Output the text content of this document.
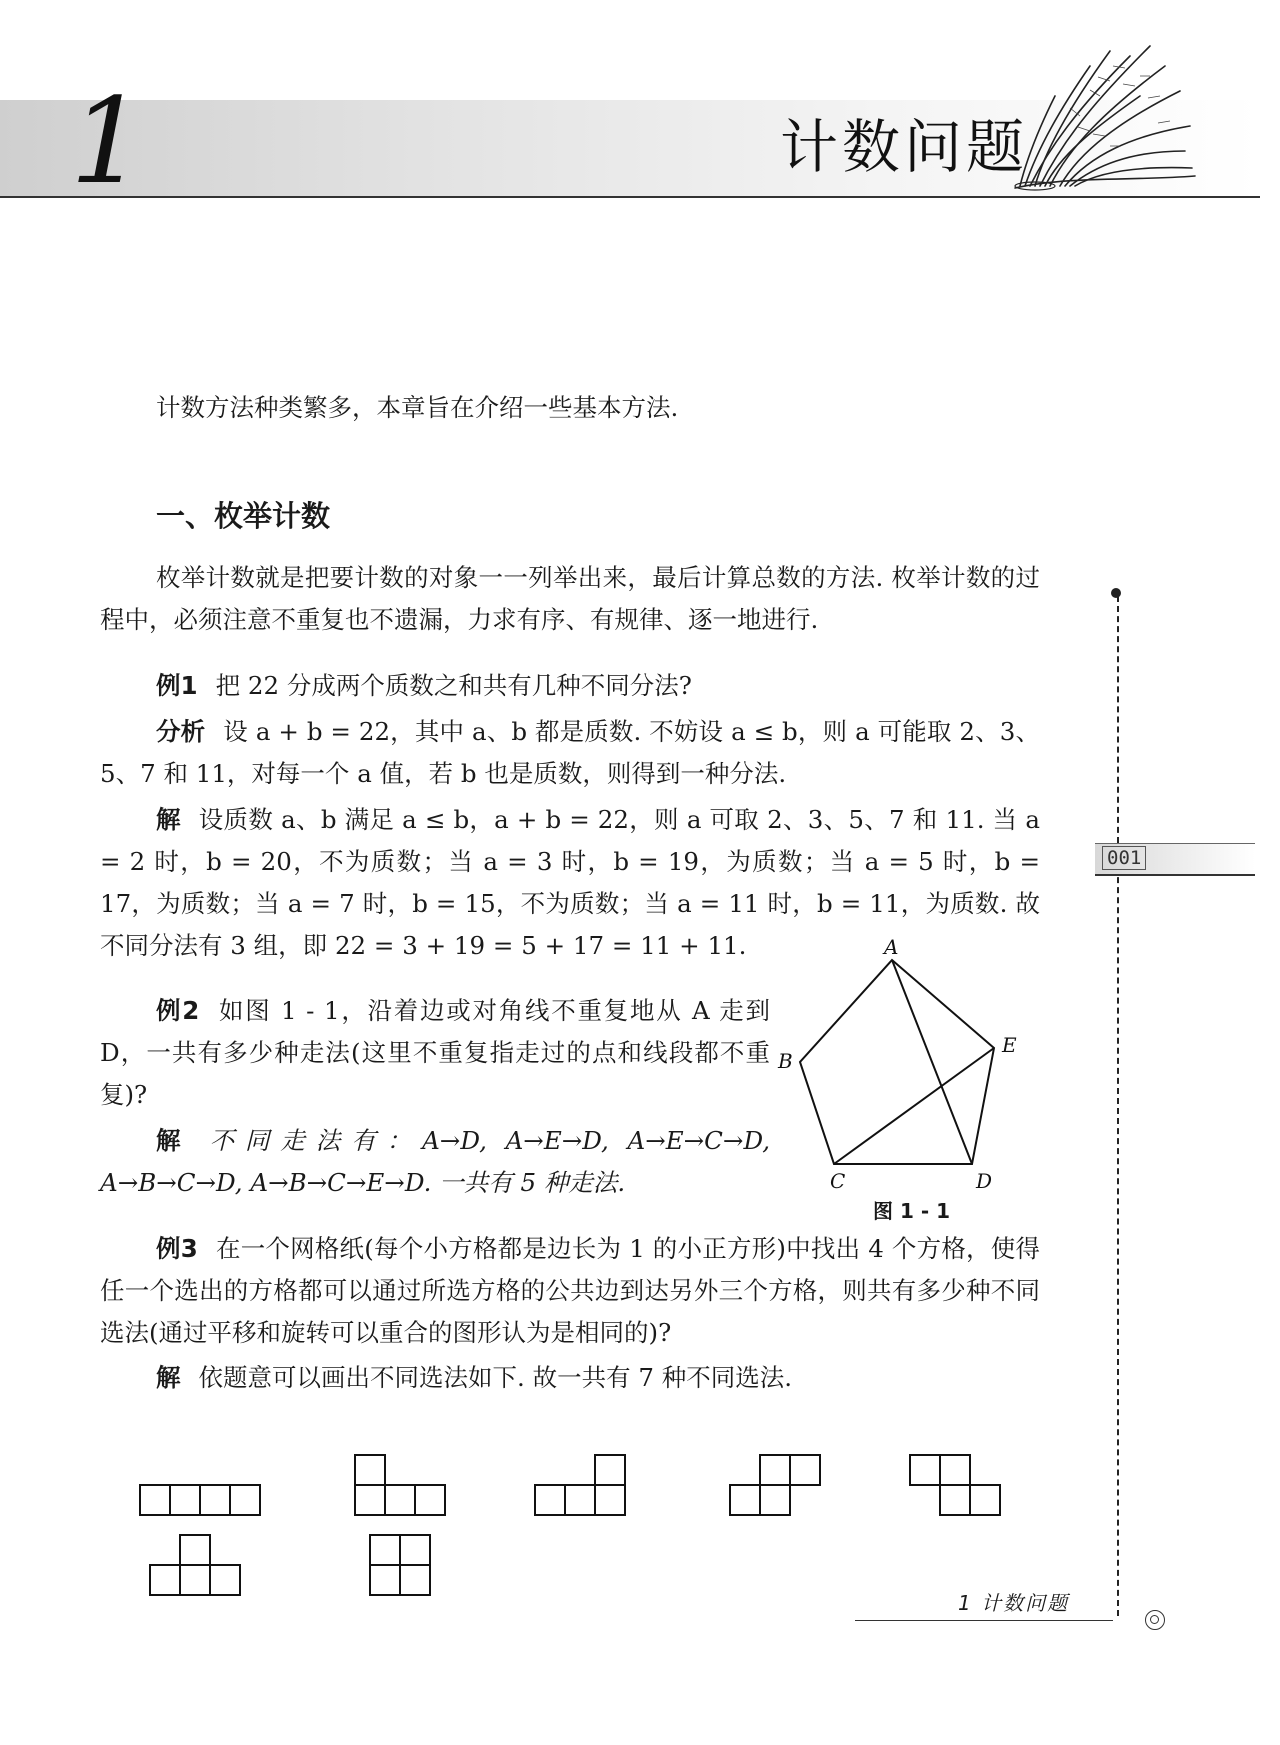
1	计数问题

计数方法种类繁多，本章旨在介绍一些基本方法.

一、枚举计数

枚举计数就是把要计数的对象一一列举出来，最后计算总数的方法. 枚举计数的过程中，必须注意不重复也不遗漏，力求有序、有规律、逐一地进行.

例1 把 22 分成两个质数之和共有几种不同分法?

分析 设 a + b = 22，其中 a、b 都是质数. 不妨设 a ≤ b，则 a 可能取 2、3、5、7 和 11，对每一个 a 值，若 b 也是质数，则得到一种分法.

解 设质数 a、b 满足 a ≤ b，a + b = 22，则 a 可取 2、3、5、7 和 11. 当 a = 2 时，b = 20，不为质数；当 a = 3 时，b = 19，为质数；当 a = 5 时，b = 17，为质数；当 a = 7 时，b = 15，不为质数；当 a = 11 时，b = 11，为质数. 故不同分法有 3 组，即 22 = 3 + 19 = 5 + 17 = 11 + 11.

例2 如图 1 - 1，沿着边或对角线不重复地从 A 走到 D，一共有多少种走法(这里不重复指走过的点和线段都不重复)?

解 不同走法有：A→D, A→E→D, A→E→C→D, A→B→C→D, A→B→C→E→D. 一共有 5 种走法.

A
B
C	D
E
图 1 - 1

例3 在一个网格纸(每个小方格都是边长为 1 的小正方形)中找出 4 个方格，使得任一个选出的方格都可以通过所选方格的公共边到达另外三个方格，则共有多少种不同选法(通过平移和旋转可以重合的图形认为是相同的)?

解 依题意可以画出不同选法如下. 故一共有 7 种不同选法.

001
1 计数问题
